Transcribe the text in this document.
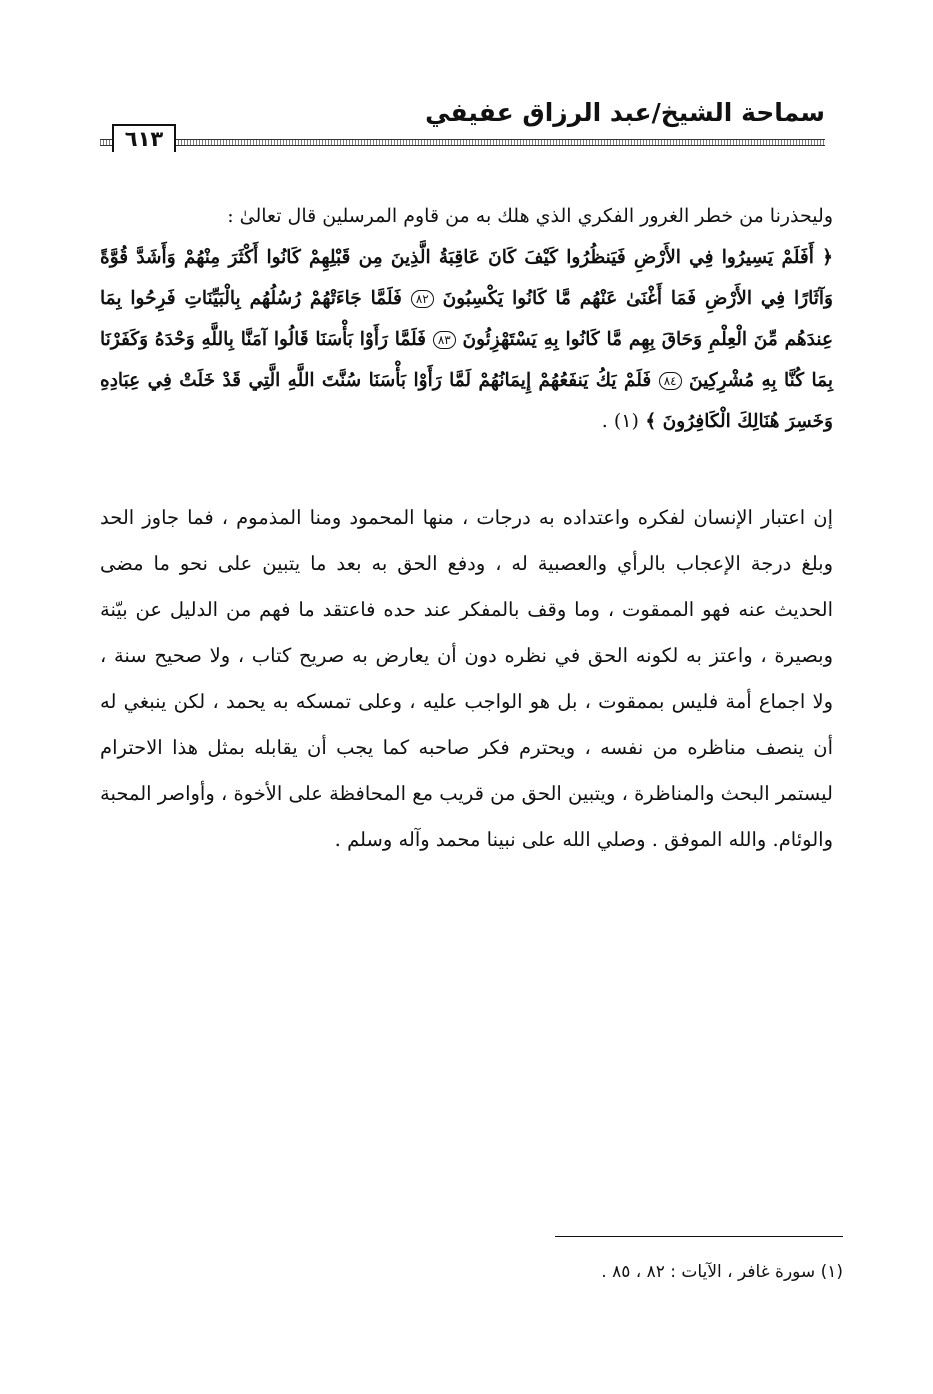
سماحة الشيخ/عبد الرزاق عفيفي
٦١٣

وليحذرنا من خطر الغرور الفكري الذي هلك به من قاوم المرسلين قال تعالىٰ :
﴿ أَفَلَمْ يَسِيرُوا فِي الأَرْضِ فَيَنظُرُوا كَيْفَ كَانَ عَاقِبَةُ الَّذِينَ مِن قَبْلِهِمْ كَانُوا أَكْثَرَ مِنْهُمْ وَأَشَدَّ قُوَّةً وَآثَارًا فِي الأَرْضِ فَمَا أَغْنَىٰ عَنْهُم مَّا كَانُوا يَكْسِبُونَ ٨٢ فَلَمَّا جَاءَتْهُمْ رُسُلُهُم بِالْبَيِّنَاتِ فَرِحُوا بِمَا عِندَهُم مِّنَ الْعِلْمِ وَحَاقَ بِهِم مَّا كَانُوا بِهِ يَسْتَهْزِئُونَ ٨٣ فَلَمَّا رَأَوْا بَأْسَنَا قَالُوا آمَنَّا بِاللَّهِ وَحْدَهُ وَكَفَرْنَا بِمَا كُنَّا بِهِ مُشْرِكِينَ ٨٤ فَلَمْ يَكُ يَنفَعُهُمْ إِيمَانُهُمْ لَمَّا رَأَوْا بَأْسَنَا سُنَّتَ اللَّهِ الَّتِي قَدْ خَلَتْ فِي عِبَادِهِ وَخَسِرَ هُنَالِكَ الْكَافِرُونَ ﴾ (١) .

إن اعتبار الإنسان لفكره واعتداده به درجات ، منها المحمود ومنا المذموم ، فما جاوز الحد وبلغ درجة الإعجاب بالرأي والعصبية له ، ودفع الحق به بعد ما يتبين على نحو ما مضى الحديث عنه فهو الممقوت ، وما وقف بالمفكر عند حده فاعتقد ما فهم من الدليل عن بيّنة وبصيرة ، واعتز به لكونه الحق في نظره دون أن يعارض به صريح كتاب ، ولا صحيح سنة ، ولا اجماع أمة فليس بممقوت ، بل هو الواجب عليه ، وعلى تمسكه به يحمد ، لكن ينبغي له أن ينصف مناظره من نفسه ، ويحترم فكر صاحبه كما يجب أن يقابله بمثل هذا الاحترام ليستمر البحث والمناظرة ، ويتبين الحق من قريب مع المحافظة على الأخوة ، وأواصر المحبة والوئام. والله الموفق . وصلي الله على نبينا محمد وآله وسلم .

(١) سورة غافر ، الآيات : ٨٢ ، ٨٥ .
